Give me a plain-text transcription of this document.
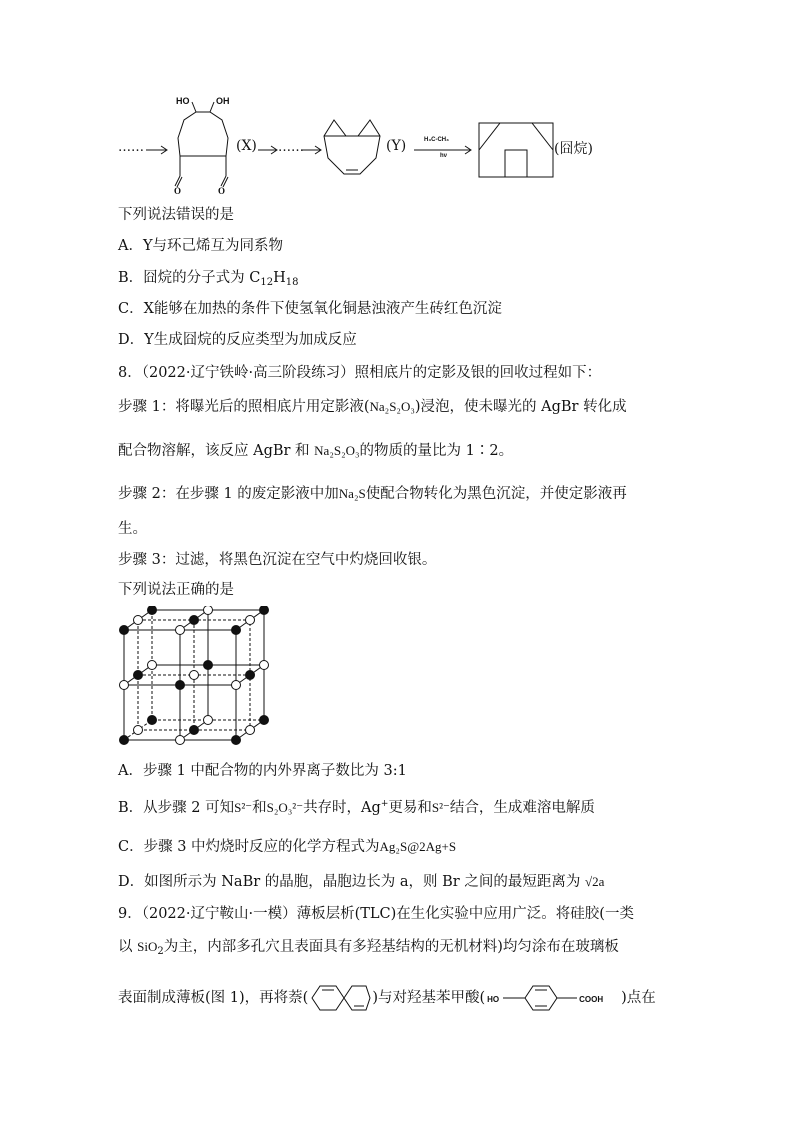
……
HO	OH
O	O
(X) ……	(Y)	H₃C-CH₃
hν	(囧烷)
下列说法错误的是
A．Y与环己烯互为同系物
B．囧烷的分子式为 $C_{12}H_{18}$
C．X能够在加热的条件下使氢氧化铜悬浊液产生砖红色沉淀
D．Y生成囧烷的反应类型为加成反应
8．（2022·辽宁铁岭·高三阶段练习）照相底片的定影及银的回收过程如下：
步骤 1：将曝光后的照相底片用定影液(Na₂S₂O₃)浸泡，使未曝光的 AgBr 转化成
配合物溶解，该反应 AgBr 和 Na₂S₂O₃的物质的量比为 1∶2。
步骤 2：在步骤 1 的废定影液中加Na₂S使配合物转化为黑色沉淀，并使定影液再
生。
步骤 3：过滤，将黑色沉淀在空气中灼烧回收银。
下列说法正确的是
A．步骤 1 中配合物的内外界离子数比为 3:1
B．从步骤 2 可知S²⁻和S₂O₃²⁻共存时，Ag+更易和S²⁻结合，生成难溶电解质
C．步骤 3 中灼烧时反应的化学方程式为Ag₂S@2Ag+S
D．如图所示为 NaBr 的晶胞，晶胞边长为 a，则 Br 之间的最短距离为 √2a
9．（2022·辽宁鞍山·一模）薄板层析(TLC)在生化实验中应用广泛。将硅胶(一类
以 SiO$_2$为主，内部多孔穴且表面具有多羟基结构的无机材料)均匀涂布在玻璃板
表面制成薄板(图 1)，再将萘(	)与对羟基苯甲酸( HO	COOH )点在
